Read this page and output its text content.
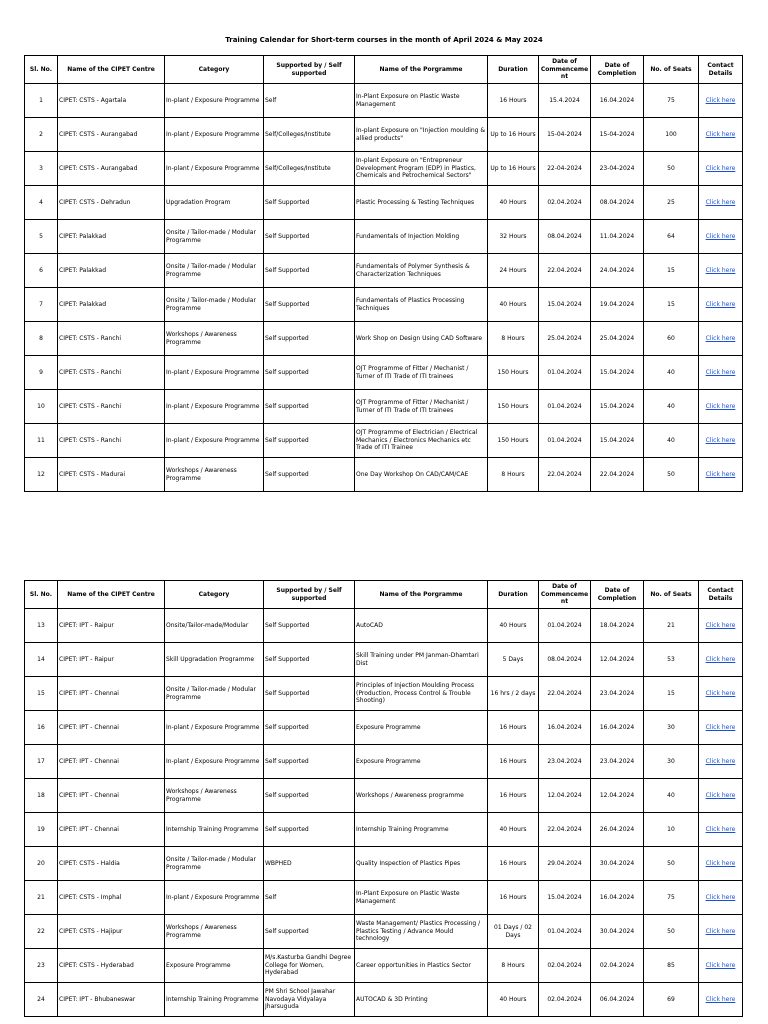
Training Calendar for Short-term courses in the month of April 2024 & May 2024
Sl. No.	Name of the CIPET Centre	Category	Supported by / Self supported	Name of the Porgramme	Duration	Date of Commenceme nt	Date of Completion	No. of Seats	Contact Details
1	CIPET: CSTS - Agartala	In-plant / Exposure Programme	Self	In-Plant Exposure on Plastic Waste Management	16 Hours	15.4.2024	16.04.2024	75	Click here
2	CIPET: CSTS - Aurangabad	In-plant / Exposure Programme	Self/Colleges/Institute	In-plant Exposure on "Injection moulding & allied products"	Up to 16 Hours	15-04-2024	15-04-2024	100	Click here
3	CIPET: CSTS - Aurangabad	In-plant / Exposure Programme	Self/Colleges/Institute	In-plant Exposure on "Entrepreneur Development Program (EDP) in Plastics, Chemicals and Petrochemical Sectors"	Up to 16 Hours	22-04-2024	23-04-2024	50	Click here
4	CIPET: CSTS - Dehradun	Upgradation Program	Self Supported	Plastic Processing & Testing Techniques	40 Hours	02.04.2024	08.04.2024	25	Click here
5	CIPET: Palakkad	Onsite / Tailor-made / Modular Programme	Self Supported	Fundamentals of Injection Molding	32 Hours	08.04.2024	11.04.2024	64	Click here
6	CIPET: Palakkad	Onsite / Tailor-made / Modular Programme	Self Supported	Fundamentals of Polymer Synthesis & Characterization Techniques	24 Hours	22.04.2024	24.04.2024	15	Click here
7	CIPET: Palakkad	Onsite / Tailor-made / Modular Programme	Self Supported	Fundamentals of Plastics Processing Techniques	40 Hours	15.04.2024	19.04.2024	15	Click here
8	CIPET: CSTS - Ranchi	Workshops / Awareness Programme	Self supported	Work Shop on Design Using CAD Software	8 Hours	25.04.2024	25.04.2024	60	Click here
9	CIPET: CSTS - Ranchi	In-plant / Exposure Programme	Self supported	OJT Programme of Fitter / Mechanist / Turner of ITI Trade of ITI trainees	150 Hours	01.04.2024	15.04.2024	40	Click here
10	CIPET: CSTS - Ranchi	In-plant / Exposure Programme	Self supported	OJT Programme of Fitter / Mechanist / Turner of ITI Trade of ITI trainees	150 Hours	01.04.2024	15.04.2024	40	Click here
11	CIPET: CSTS - Ranchi	In-plant / Exposure Programme	Self supported	OJT Programme of Electrician / Electrical Mechanics / Electronics Mechanics etc Trade of ITI Trainee	150 Hours	01.04.2024	15.04.2024	40	Click here
12	CIPET: CSTS - Madurai	Workshops / Awareness Programme	Self supported	One Day Workshop On CAD/CAM/CAE	8 Hours	22.04.2024	22.04.2024	50	Click here
Sl. No.	Name of the CIPET Centre	Category	Supported by / Self supported	Name of the Porgramme	Duration	Date of Commenceme nt	Date of Completion	No. of Seats	Contact Details
13	CIPET: IPT - Raipur	Onsite/Tailor-made/Modular	Self Supported	AutoCAD	40 Hours	01.04.2024	18.04.2024	21	Click here
14	CIPET: IPT - Raipur	Skill Upgradation Programme	Self Supported	Skill Training under PM Janman-Dhamtari Dist	5 Days	08.04.2024	12.04.2024	53	Click here
15	CIPET: IPT - Chennai	Onsite / Tailor-made / Modular Programme	Self Supported	Principles of Injection Moulding Process (Production, Process Control & Trouble Shooting)	16 hrs / 2 days	22.04.2024	23.04.2024	15	Click here
16	CIPET: IPT - Chennai	In-plant / Exposure Programme	Self supported	Exposure Programme	16 Hours	16.04.2024	16.04.2024	30	Click here
17	CIPET: IPT - Chennai	In-plant / Exposure Programme	Self supported	Exposure Programme	16 Hours	23.04.2024	23.04.2024	30	Click here
18	CIPET: IPT - Chennai	Workshops / Awareness Programme	Self supported	Workshops / Awareness programme	16 Hours	12.04.2024	12.04.2024	40	Click here
19	CIPET: IPT - Chennai	Internship Training Programme	Self supported	Internship Training Programme	40 Hours	22.04.2024	26.04.2024	10	Click here
20	CIPET: CSTS - Haldia	Onsite / Tailor-made / Modular Programme	WBPHED	Quality Inspection of Plastics Pipes	16 Hours	29.04.2024	30.04.2024	50	Click here
21	CIPET: CSTS - Imphal	In-plant / Exposure Programme	Self	In-Plant Exposure on Plastic Waste Management	16 Hours	15.04.2024	16.04.2024	75	Click here
22	CIPET: CSTS - Hajipur	Workshops / Awareness Programme	Self supported	Waste Management/ Plastics Processing / Plastics Testing / Advance Mould technology	01 Days / 02 Days	01.04.2024	30.04.2024	50	Click here
23	CIPET: CSTS - Hyderabad	Exposure Programme	M/s.Kasturba Gandhi Degree College for Women, Hyderabad	Career opportunities in Plastics Sector	8 Hours	02.04.2024	02.04.2024	85	Click here
24	CIPET: IPT - Bhubaneswar	Internship Training Programme	PM Shri School Jawahar Navodaya Vidyalaya Jharsuguda	AUTOCAD & 3D Printing	40 Hours	02.04.2024	06.04.2024	69	Click here
